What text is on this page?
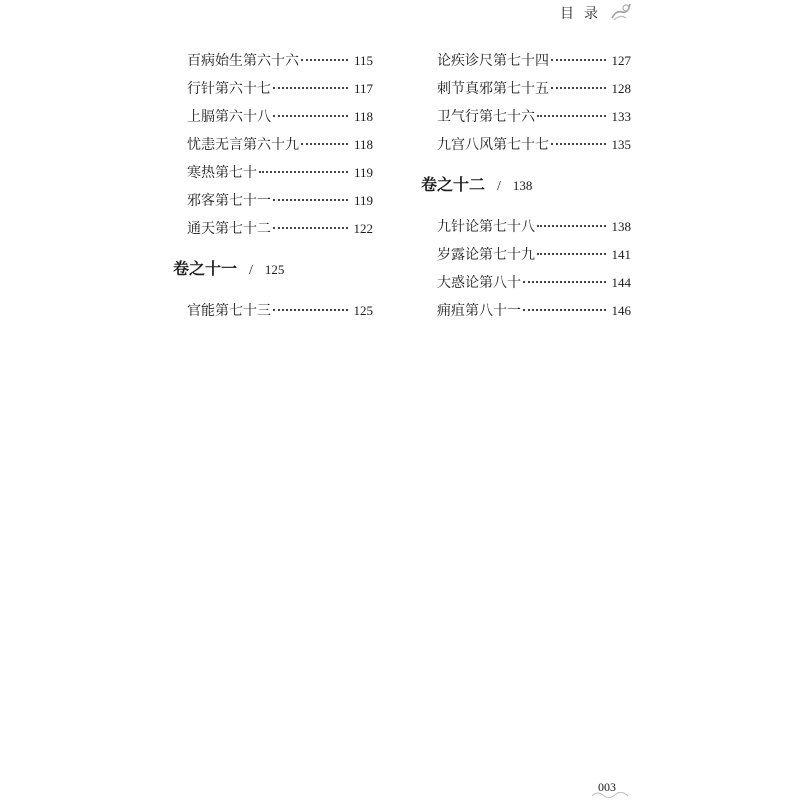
目录
百病始生第六十六	115
行针第六十七	117
上膈第六十八	118
忧恚无言第六十九	118
寒热第七十	119
邪客第七十一	119
通天第七十二	122
卷之十一 / 125
官能第七十三	125
论疾诊尺第七十四	127
刺节真邪第七十五	128
卫气行第七十六	133
九宫八风第七十七	135
卷之十二 / 138
九针论第七十八	138
岁露论第七十九	141
大惑论第八十	144
痈疽第八十一	146
003
